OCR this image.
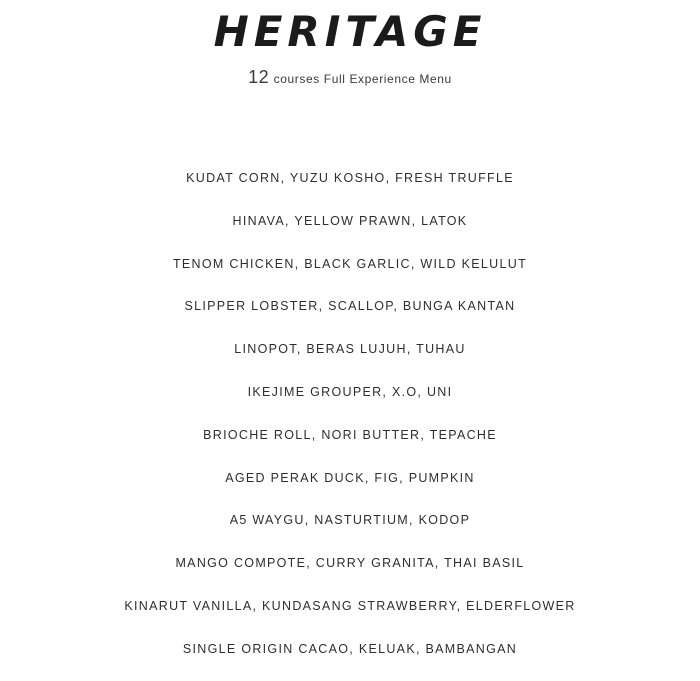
HERITAGE

12 courses Full Experience Menu

KUDAT CORN, YUZU KOSHO, FRESH TRUFFLE
HINAVA, YELLOW PRAWN, LATOK
TENOM CHICKEN, BLACK GARLIC, WILD KELULUT
SLIPPER LOBSTER, SCALLOP, BUNGA KANTAN
LINOPOT, BERAS LUJUH, TUHAU
IKEJIME GROUPER, X.O, UNI
BRIOCHE ROLL, NORI BUTTER, TEPACHE
AGED PERAK DUCK, FIG, PUMPKIN
A5 WAYGU, NASTURTIUM, KODOP
MANGO COMPOTE, CURRY GRANITA, THAI BASIL
KINARUT VANILLA, KUNDASANG STRAWBERRY, ELDERFLOWER
SINGLE ORIGIN CACAO, KELUAK, BAMBANGAN
